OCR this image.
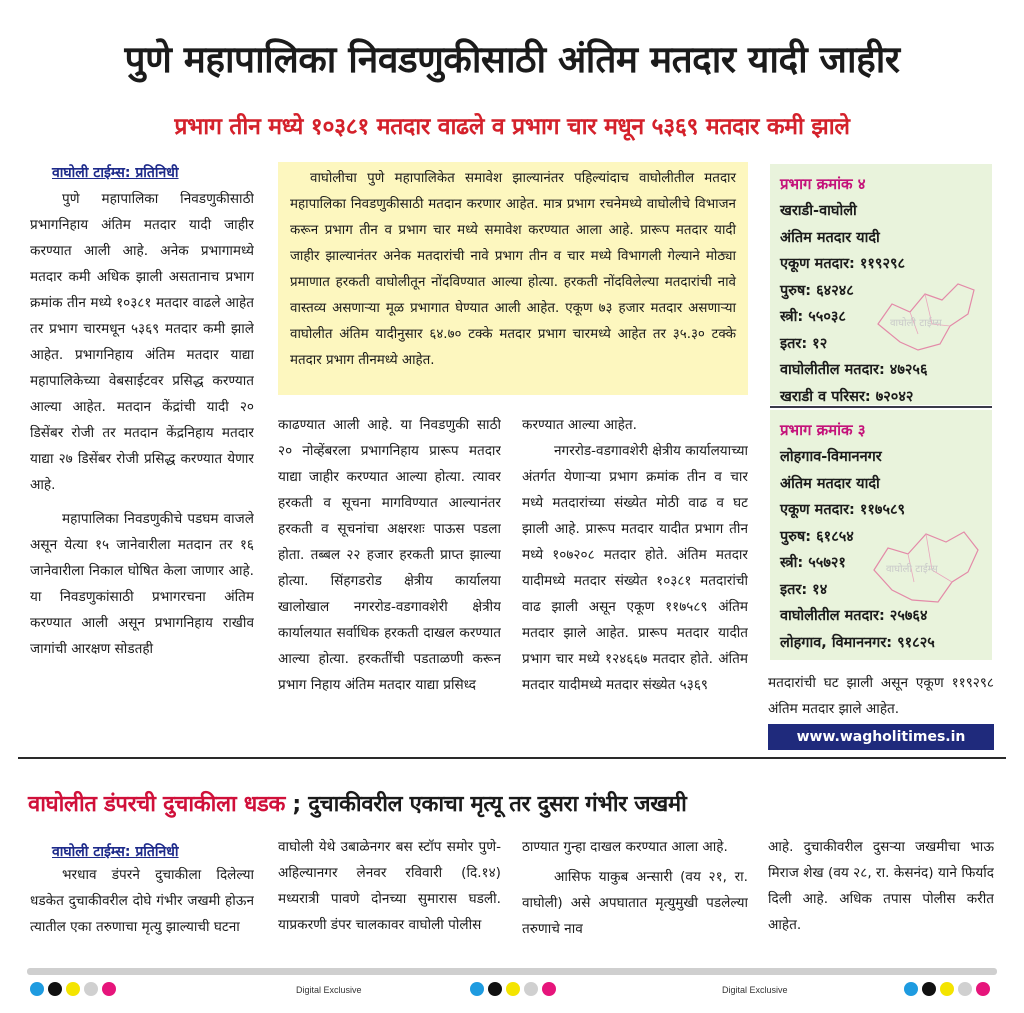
पुणे महापालिका निवडणुकीसाठी अंतिम मतदार यादी जाहीर
प्रभाग तीन मध्ये १०३८१ मतदार वाढले व प्रभाग चार मधून ५३६९ मतदार कमी झाले
वाघोली टाईम्स: प्रतिनिधी

पुणे महापालिका निवडणुकीसाठी प्रभागनिहाय अंतिम मतदार यादी जाहीर करण्यात आली आहे. अनेक प्रभागामध्ये मतदार कमी अधिक झाली असतानाच प्रभाग क्रमांक तीन मध्ये १०३८१ मतदार वाढले आहेत तर प्रभाग चारमधून ५३६९ मतदार कमी झाले आहेत. प्रभागनिहाय अंतिम मतदार याद्या महापालिकेच्या वेबसाईटवर प्रसिद्ध करण्यात आल्या आहेत. मतदान केंद्रांची यादी २० डिसेंबर रोजी तर मतदान केंद्रनिहाय मतदार याद्या २७ डिसेंबर रोजी प्रसिद्ध करण्यात येणार आहे.

महापालिका निवडणुकीचे पडघम वाजले असून येत्या १५ जानेवारीला मतदान तर १६ जानेवारीला निकाल घोषित केला जाणार आहे. या निवडणुकांसाठी प्रभागरचना अंतिम करण्यात आली असून प्रभागनिहाय राखीव जागांची आरक्षण सोडतही

वाघोलीचा पुणे महापालिकेत समावेश झाल्यानंतर पहिल्यांदाच वाघोलीतील मतदार महापालिका निवडणुकीसाठी मतदान करणार आहेत. मात्र प्रभाग रचनेमध्ये वाघोलीचे विभाजन करून प्रभाग तीन व प्रभाग चार मध्ये समावेश करण्यात आला आहे. प्रारूप मतदार यादी जाहीर झाल्यानंतर अनेक मतदारांची नावे प्रभाग तीन व चार मध्ये विभागली गेल्याने मोठ्या प्रमाणात हरकती वाघोलीतून नोंदविण्यात आल्या होत्या. हरकती नोंदविलेल्या मतदारांची नावे वास्तव्य असणाऱ्या मूळ प्रभागात घेण्यात आली आहेत. एकूण ७३ हजार मतदार असणाऱ्या वाघोलीत अंतिम यादीनुसार ६४.७० टक्के मतदार प्रभाग चारमध्ये आहेत तर ३५.३० टक्के मतदार प्रभाग तीनमध्ये आहेत.

काढण्यात आली आहे. या निवडणुकी साठी २० नोव्हेंबरला प्रभागनिहाय प्रारूप मतदार याद्या जाहीर करण्यात आल्या होत्या. त्यावर हरकती व सूचना मागविण्यात आल्यानंतर हरकती व सूचनांचा अक्षरशः पाऊस पडला होता. तब्बल २२ हजार हरकती प्राप्त झाल्या होत्या. सिंहगडरोड क्षेत्रीय कार्यालया खालोखाल नगररोड-वडगावशेरी क्षेत्रीय कार्यालयात सर्वाधिक हरकती दाखल करण्यात आल्या होत्या. हरकतींची पडताळणी करून प्रभाग निहाय अंतिम मतदार याद्या प्रसिध्द

करण्यात आल्या आहेत.

नगररोड-वडगावशेरी क्षेत्रीय कार्यालयाच्या अंतर्गत येणाऱ्या प्रभाग क्रमांक तीन व चार मध्ये मतदारांच्या संख्येत मोठी वाढ व घट झाली आहे. प्रारूप मतदार यादीत प्रभाग तीन मध्ये १०७२०८ मतदार होते. अंतिम मतदार यादीमध्ये मतदार संख्येत १०३८१ मतदारांची वाढ झाली असून एकूण ११७५८९ अंतिम मतदार झाले आहेत. प्रारूप मतदार यादीत प्रभाग चार मध्ये १२४६६७ मतदार होते. अंतिम मतदार यादीमध्ये मतदार संख्येत ५३६९

वाघोली टाईम्स
प्रभाग क्रमांक ४
खराडी-वाघोली
अंतिम मतदार यादी
एकूण मतदार: ११९२९८
पुरुष: ६४२४८
स्त्री: ५५०३८
इतर: १२
वाघोलीतील मतदार: ४७२५६
खराडी व परिसर: ७२०४२
वाघोली टाईम्स
प्रभाग क्रमांक ३
लोहगाव-विमाननगर
अंतिम मतदार यादी
एकूण मतदार: ११७५८९
पुरुष: ६१८५४
स्त्री: ५५७२१
इतर: १४
वाघोलीतील मतदार: २५७६४
लोहगाव, विमाननगर: ९१८२५

मतदारांची घट झाली असून एकूण ११९२९८ अंतिम मतदार झाले आहेत.

www.wagholitimes.in
वाघोलीत डंपरची दुचाकीला धडक ; दुचाकीवरील एकाचा मृत्यू तर दुसरा गंभीर जखमी
वाघोली टाईम्स: प्रतिनिधी

भरधाव डंपरने दुचाकीला दिलेल्या धडकेत दुचाकीवरील दोघे गंभीर जखमी होऊन त्यातील एका तरुणाचा मृत्यु झाल्याची घटना

वाघोली येथे उबाळेनगर बस स्टॉप समोर पुणे-अहिल्यानगर लेनवर रविवारी (दि.१४) मध्यरात्री पावणे दोनच्या सुमारास घडली. याप्रकरणी डंपर चालकावर वाघोली पोलीस

ठाण्यात गुन्हा दाखल करण्यात आला आहे.

आसिफ याकुब अन्सारी (वय २१, रा. वाघोली) असे अपघातात मृत्युमुखी पडलेल्या तरुणाचे नाव

आहे. दुचाकीवरील दुसऱ्या जखमीचा भाऊ मिराज शेख (वय २८, रा. केसनंद) याने फिर्याद दिली आहे. अधिक तपास पोलीस करीत आहेत.

Digital Exclusive	Digital Exclusive
